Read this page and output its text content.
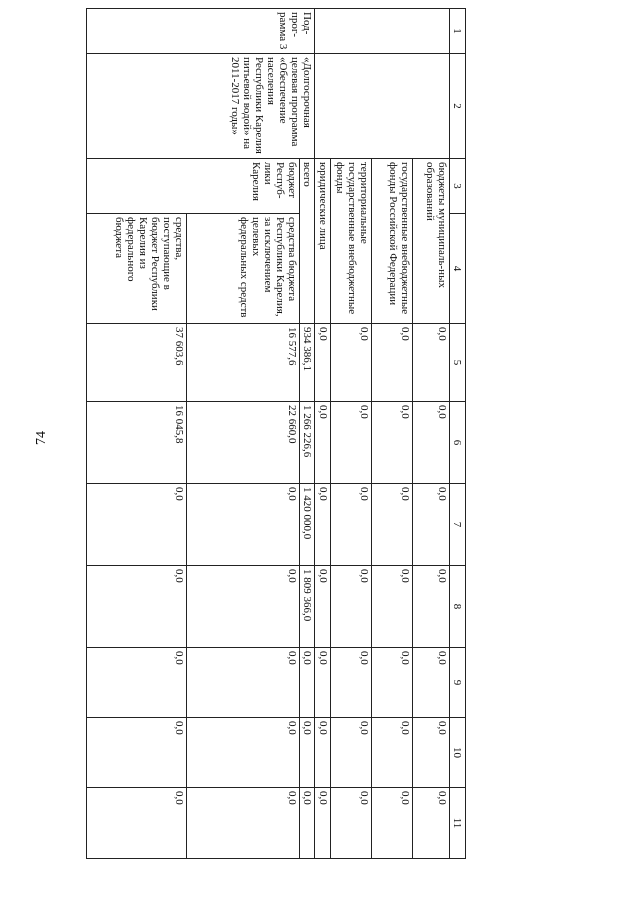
74
1	2	3	4	5	6	7	8	9	10	11
		бюджеты муниципаль-ных образований		0,0	0,0	0,0	0,0	0,0	0,0	0,0
		государственные внебюджетные фонды Российской Федерации		0,0	0,0	0,0	0,0	0,0	0,0	0,0
		территориальные государственные внебюджетные фонды		0,0	0,0	0,0	0,0	0,0	0,0	0,0
		юридические лица		0,0	0,0	0,0	0,0	0,0	0,0	0,0
Под-прог-рамма 3	«Долгосрочная целевая программа «Обеспечение населения Республики Карелия питьевой водой» на 2011-2017 годы»	всего		934 386,1	1 266 226,6	1 420 000,0	1 809 366,0	0,0	0,0	0,0
		бюджет Респуб-лики Карелия	средства бюджета Республики Карелия, за исключением целевых федеральных средств	16 577,6	22 660,0	0,0	0,0	0,0	0,0	0,0
			средства, поступающие в бюджет Республики Карелия из федерального бюджета	37 603,6	16 045,8	0,0	0,0	0,0	0,0	0,0
